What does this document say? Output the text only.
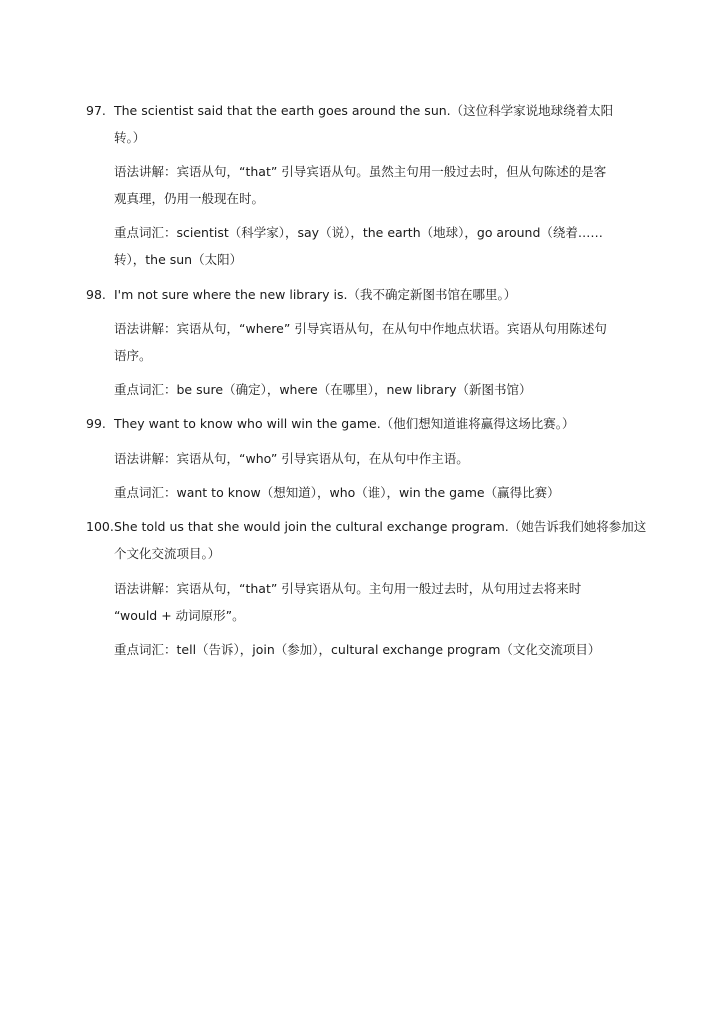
97. The scientist said that the earth goes around the sun.（这位科学家说地球绕着太阳
转。）
语法讲解：宾语从句，“that” 引导宾语从句。虽然主句用一般过去时，但从句陈述的是客
观真理，仍用一般现在时。
重点词汇：scientist（科学家），say（说），the earth（地球），go around（绕着……
转），the sun（太阳）
98. I'm not sure where the new library is.（我不确定新图书馆在哪里。）
语法讲解：宾语从句，“where” 引导宾语从句，在从句中作地点状语。宾语从句用陈述句
语序。
重点词汇：be sure（确定），where（在哪里），new library（新图书馆）
99. They want to know who will win the game.（他们想知道谁将赢得这场比赛。）
语法讲解：宾语从句，“who” 引导宾语从句，在从句中作主语。
重点词汇：want to know（想知道），who（谁），win the game（赢得比赛）
100.She told us that she would join the cultural exchange program.（她告诉我们她将参加这
个文化交流项目。）
语法讲解：宾语从句，“that” 引导宾语从句。主句用一般过去时，从句用过去将来时
“would + 动词原形”。
重点词汇：tell（告诉），join（参加），cultural exchange program（文化交流项目）
